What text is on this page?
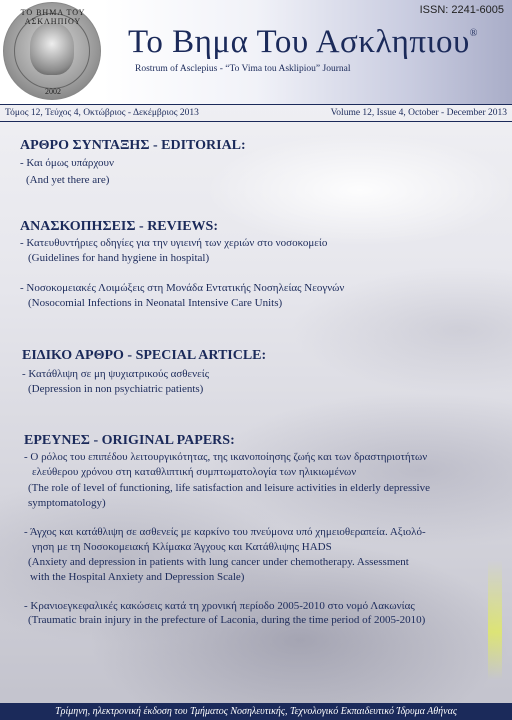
ΤΟ ΒΗΜΑ ΤΟΥ ΑΣΚΛΗΠΙΟΥ
2002
ISSN: 2241-6005
Το Βημα Του Ασκληπιου®
Rostrum of Asclepius - “To Vima tou Asklipiou” Journal
Τόμος 12, Τεύχος 4, Οκτώβριος - Δεκέμβριος 2013	Volume 12, Issue 4, October - December 2013
ΑΡΘΡΟ ΣΥΝΤΑΞΗΣ - EDITORIAL:
- Και όμως υπάρχουν
(And yet there are)
ΑΝΑΣΚΟΠΗΣΕΙΣ - REVIEWS:
- Κατευθυντήριες οδηγίες για την υγιεινή των χεριών στο νοσοκομείο
(Guidelines for hand hygiene in hospital)
- Νοσοκομειακές Λοιμώξεις στη Μονάδα Εντατικής Νοσηλείας Νεογνών
(Nosocomial Infections in Neonatal Intensive Care Units)
ΕΙΔΙΚΟ ΑΡΘΡΟ - SPECIAL ARTICLE:
- Κατάθλιψη σε μη ψυχιατρικούς ασθενείς
(Depression in non psychiatric patients)
ΕΡΕΥΝΕΣ - ORIGINAL PAPERS:
- Ο ρόλος του επιπέδου λειτουργικότητας, της ικανοποίησης ζωής και των δραστηριοτήτων
ελεύθερου χρόνου στη καταθλιπτική συμπτωματολογία των ηλικιωμένων
(The role of level of functioning, life satisfaction and leisure activities in elderly depressive
symptomatology)
- Άγχος και κατάθλιψη σε ασθενείς με καρκίνο του πνεύμονα υπό χημειοθεραπεία. Αξιολό-
γηση με τη Νοσοκομειακή Κλίμακα Άγχους και Κατάθλιψης HADS
(Anxiety and depression in patients with lung cancer under chemotherapy. Assessment
with the Hospital Anxiety and Depression Scale)
- Κρανιοεγκεφαλικές κακώσεις κατά τη χρονική περίοδο 2005-2010 στο νομό Λακωνίας
(Traumatic brain injury in the prefecture of Laconia, during the time period of 2005-2010)
Τρίμηνη, ηλεκτρονική έκδοση του Τμήματος Νοσηλευτικής, Τεχνολογικό Εκπαιδευτικό Ίδρυμα Αθήνας
